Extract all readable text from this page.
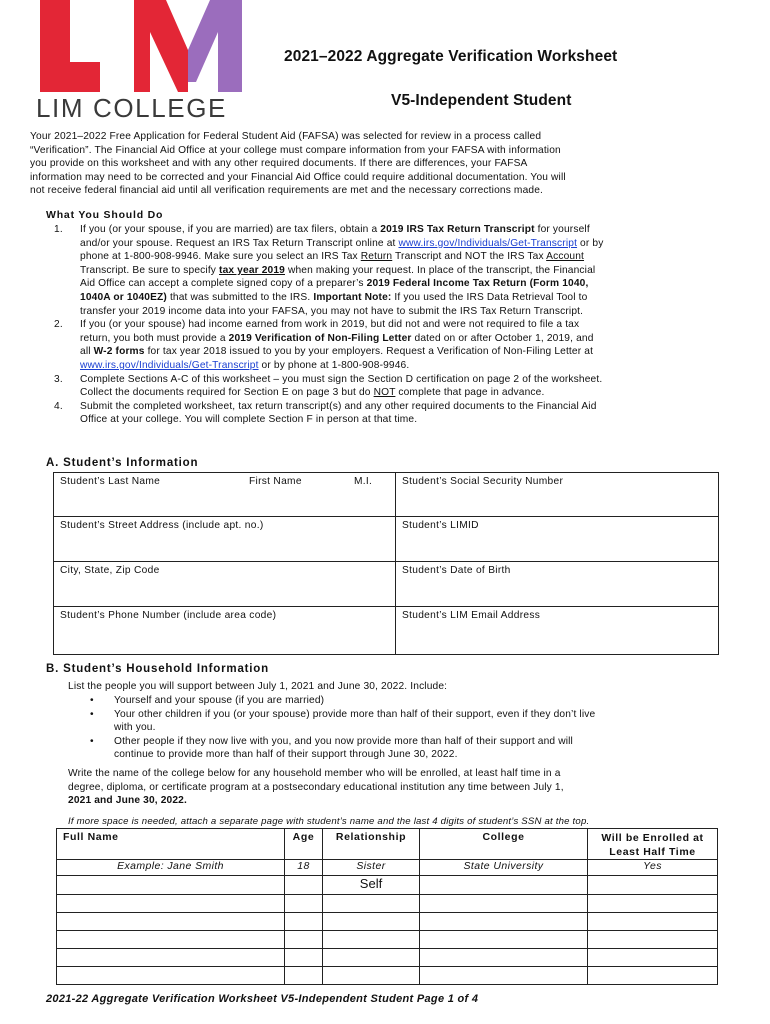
LIM COLLEGE
2021–2022 Aggregate Verification Worksheet
V5-Independent Student
Your 2021–2022 Free Application for Federal Student Aid (FAFSA) was selected for review in a process called
“Verification”. The Financial Aid Office at your college must compare information from your FAFSA with information
you provide on this worksheet and with any other required documents. If there are differences, your FAFSA
information may need to be corrected and your Financial Aid Office could require additional documentation. You will
not receive federal financial aid until all verification requirements are met and the necessary corrections made.
What You Should Do
1. If you (or your spouse, if you are married) are tax filers, obtain a 2019 IRS Tax Return Transcript for yourself
and/or your spouse. Request an IRS Tax Return Transcript online at www.irs.gov/Individuals/Get-Transcript or by
phone at 1-800-908-9946. Make sure you select an IRS Tax Return Transcript and NOT the IRS Tax Account
Transcript. Be sure to specify tax year 2019 when making your request. In place of the transcript, the Financial
Aid Office can accept a complete signed copy of a preparer’s 2019 Federal Income Tax Return (Form 1040,
1040A or 1040EZ) that was submitted to the IRS. Important Note: If you used the IRS Data Retrieval Tool to
transfer your 2019 income data into your FAFSA, you may not have to submit the IRS Tax Return Transcript.
2. If you (or your spouse) had income earned from work in 2019, but did not and were not required to file a tax
return, you both must provide a 2019 Verification of Non-Filing Letter dated on or after October 1, 2019, and
all W-2 forms for tax year 2018 issued to you by your employers. Request a Verification of Non-Filing Letter at
www.irs.gov/Individuals/Get-Transcript or by phone at 1-800-908-9946.
3. Complete Sections A-C of this worksheet – you must sign the Section D certification on page 2 of the worksheet.
Collect the documents required for Section E on page 3 but do NOT complete that page in advance.
4. Submit the completed worksheet, tax return transcript(s) and any other required documents to the Financial Aid
Office at your college. You will complete Section F in person at that time.
A. Student’s Information
Student’s Last Name First Name M.I.	Student’s Social Security Number

Student’s Street Address (include apt. no.)	Student’s LIMID

City, State, Zip Code	Student’s Date of Birth

Student’s Phone Number (include area code)	Student’s LIM Email Address
B. Student’s Household Information
List the people you will support between July 1, 2021 and June 30, 2022. Include:
• Yourself and your spouse (if you are married)
• Your other children if you (or your spouse) provide more than half of their support, even if they don’t live
with you.
• Other people if they now live with you, and you now provide more than half of their support and will
continue to provide more than half of their support through June 30, 2022.
Write the name of the college below for any household member who will be enrolled, at least half time in a
degree, diploma, or certificate program at a postsecondary educational institution any time between July 1,
2021 and June 30, 2022.
If more space is needed, attach a separate page with student’s name and the last 4 digits of student’s SSN at the top.
Full Name	Age	Relationship	College	Will be Enrolled at Least Half Time
Example: Jane Smith	18	Sister	State University	Yes
		Self		

2021-22 Aggregate Verification Worksheet V5-Independent Student Page 1 of 4
